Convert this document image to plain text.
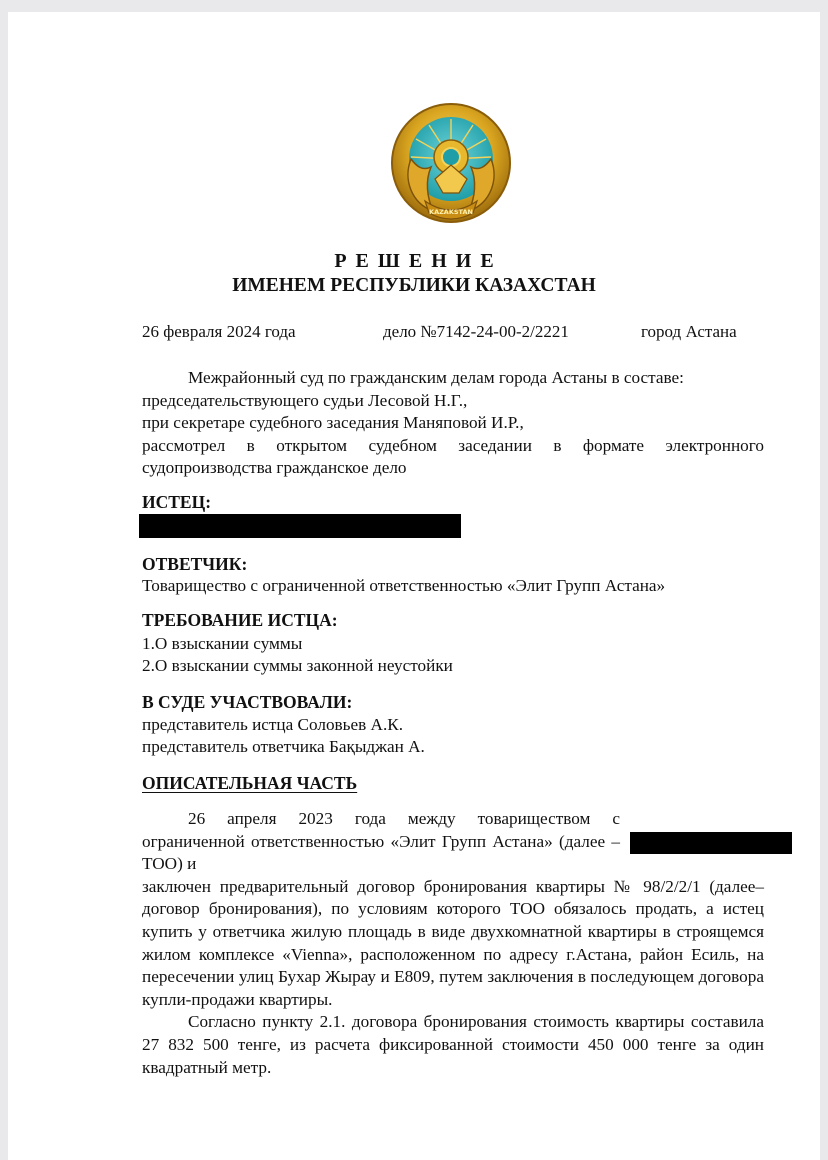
KAZAKSTAN
РЕШЕНИЕ
ИМЕНЕМ РЕСПУБЛИКИ КАЗАХСТАН
26 февраля 2024 года	дело №7142-24-00-2/2221	город Астана

Межрайонный суд по гражданским делам города Астаны в составе:

председательствующего судьи Лесовой Н.Г.,

при секретаре судебного заседания Маняповой И.Р.,

рассмотрел в открытом судебном заседании в формате электронного судопроизводства гражданское дело

ИСТЕЦ:
ОТВЕТЧИК:
Товарищество с ограниченной ответственностью «Элит Групп Астана»
ТРЕБОВАНИЕ ИСТЦА:
1.О взыскании суммы
2.О взыскании суммы законной неустойки
В СУДЕ УЧАСТВОВАЛИ:
представитель истца Соловьев А.К.
представитель ответчика Бақыджан А.
ОПИСАТЕЛЬНАЯ ЧАСТЬ

26 апреля 2023 года между товариществом с ограниченной ответственностью «Элит Групп Астана» (далее – ТОО) и

заключен предварительный договор бронирования квартиры № 98/2/2/1 (далее–договор бронирования), по условиям которого ТОО обязалось продать, а истец купить у ответчика жилую площадь в виде двухкомнатной квартиры в строящемся жилом комплексе «Vienna», расположенном по адресу г.Астана, район Есиль, на пересечении улиц Бухар Жырау и Е809, путем заключения в последующем договора купли-продажи квартиры.

Согласно пункту 2.1. договора бронирования стоимость квартиры составила 27 832 500 тенге, из расчета фиксированной стоимости 450 000 тенге за один квадратный метр.
